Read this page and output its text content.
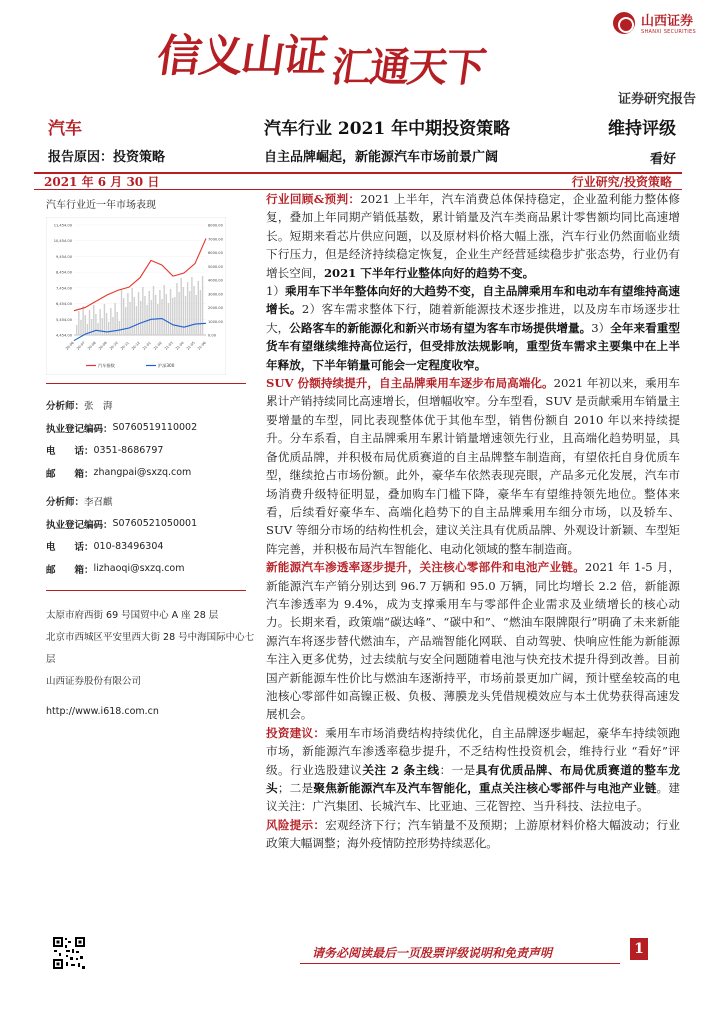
信义山证汇通天下
山西证券
SHANXI SECURITIES
证券研究报告
汽车
报告原因：投资策略
汽车行业 2021 年中期投资策略
自主品牌崛起，新能源汽车市场前景广阔
维持评级
看好
2021 年 6 月 30 日	行业研究/投资策略
汽车行业近一年市场表现
11,454.00
10,454.00
9,454.00
8,454.00
7,454.00
6,454.00
5,454.00
4,454.00
8000.00
7000.00
6000.00
5000.00
4000.00
3000.00
2000.00
1000.00
0.00
20-06 20-07 20-08 20-09 20-10 20-11 20-12 21-01 21-02 21-03 21-04 21-05 21-06
汽车指数	沪深300
分析师： 张　湃
执业登记编码： S0760519110002
电　　话： 0351-8686797
邮　　箱： zhangpai@sxzq.com
分析师： 李召麒
执业登记编码： S0760521050001
电　　话： 010-83496304
邮　　箱： lizhaoqi@sxzq.com
太原市府西街 69 号国贸中心 A 座 28 层
北京市西城区平安里西大街 28 号中海国际中心七层
山西证券股份有限公司
http://www.i618.com.cn

行业回顾&预判：2021 上半年，汽车消费总体保持稳定，企业盈利能力整体修复，叠加上年同期产销低基数，累计销量及汽车类商品累计零售额均同比高速增长。短期来看芯片供应问题，以及原材料价格大幅上涨，汽车行业仍然面临业绩下行压力，但是经济持续稳定恢复，企业生产经营延续稳步扩张态势，行业仍有增长空间，2021 下半年行业整体向好的趋势不变。

1）乘用车下半年整体向好的大趋势不变，自主品牌乘用车和电动车有望维持高速增长。2）客车需求整体下行，随着新能源技术逐步推进，以及房车市场逐步壮大，公路客车的新能源化和新兴市场有望为客车市场提供增量。3）全年来看重型货车有望继续维持高位运行，但受排放法规影响，重型货车需求主要集中在上半年释放，下半年销量可能会一定程度收窄。

SUV 份额持续提升，自主品牌乘用车逐步布局高端化。2021 年初以来，乘用车累计产销持续同比高速增长，但增幅收窄。分车型看，SUV 是贡献乘用车销量主要增量的车型，同比表现整体优于其他车型，销售份额自 2010 年以来持续提升。分车系看，自主品牌乘用车累计销量增速领先行业，且高端化趋势明显，具备优质品牌，并积极布局优质赛道的自主品牌整车制造商，有望依托自身优质车型，继续抢占市场份额。此外，豪华车依然表现亮眼，产品多元化发展，汽车市场消费升级特征明显，叠加购车门槛下降，豪华车有望维持领先地位。整体来看，后续看好豪华车、高端化趋势下的自主品牌乘用车细分市场，以及轿车、SUV 等细分市场的结构性机会，建议关注具有优质品牌、外观设计新颖、车型矩阵完善，并积极布局汽车智能化、电动化领域的整车制造商。

新能源汽车渗透率逐步提升，关注核心零部件和电池产业链。2021 年 1-5 月，新能源汽车产销分别达到 96.7 万辆和 95.0 万辆，同比均增长 2.2 倍，新能源汽车渗透率为 9.4%，成为支撑乘用车与零部件企业需求及业绩增长的核心动力。长期来看，政策端“碳达峰”、“碳中和”、“燃油车限牌限行”明确了未来新能源汽车将逐步替代燃油车，产品端智能化网联、自动驾驶、快响应性能为新能源车注入更多优势，过去续航与安全问题随着电池与快充技术提升得到改善。目前国产新能源车性价比与燃油车逐渐持平，市场前景更加广阔，预计壁垒较高的电池核心零部件如高镍正极、负极、薄膜龙头凭借规模效应与本土优势获得高速发展机会。

投资建议：乘用车市场消费结构持续优化，自主品牌逐步崛起，豪华车持续领跑市场，新能源汽车渗透率稳步提升，不乏结构性投资机会，维持行业 “看好”评级。行业选股建议关注 2 条主线：一是具有优质品牌、布局优质赛道的整车龙头；二是聚焦新能源汽车及汽车智能化，重点关注核心零部件与电池产业链。建议关注：广汽集团、长城汽车、比亚迪、三花智控、当升科技、法拉电子。

风险提示：宏观经济下行；汽车销量不及预期；上游原材料价格大幅波动；行业政策大幅调整；海外疫情防控形势持续恶化。

请务必阅读最后一页股票评级说明和免责声明	1
